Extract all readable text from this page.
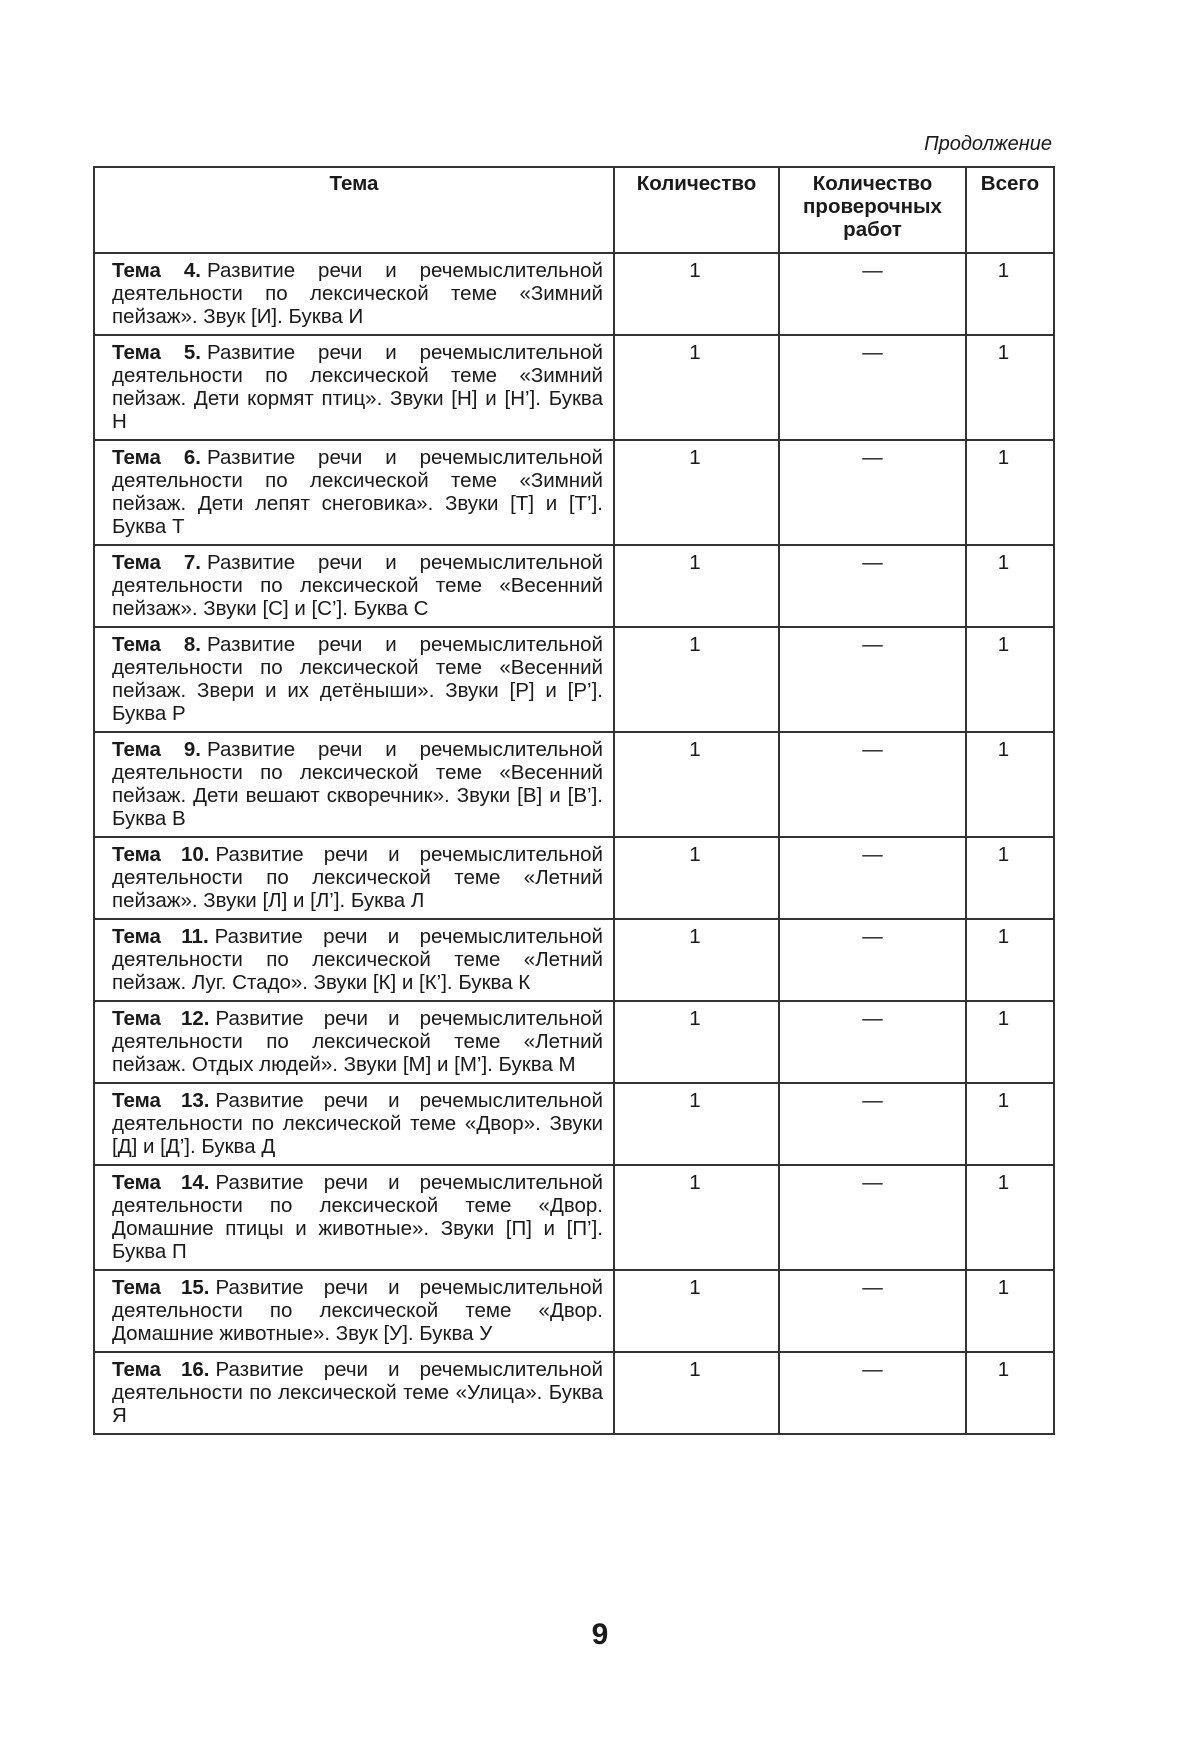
Продолжение
Тема	Количество	Количество проверочных работ	Всего
Тема 4. Развитие речи и речемыслительной деятельности по лексической теме «Зимний пейзаж». Звук [И]. Буква И	1	—	1
Тема 5. Развитие речи и речемыслительной деятельности по лексической теме «Зимний пейзаж. Дети кормят птиц». Звуки [Н] и [Н’]. Буква Н	1	—	1
Тема 6. Развитие речи и речемыслительной деятельности по лексической теме «Зимний пейзаж. Дети лепят снеговика». Звуки [Т] и [Т’]. Буква Т	1	—	1
Тема 7. Развитие речи и речемыслительной деятельности по лексической теме «Весенний пейзаж». Звуки [С] и [С’]. Буква С	1	—	1
Тема 8. Развитие речи и речемыслительной деятельности по лексической теме «Весенний пейзаж. Звери и их детёныши». Звуки [Р] и [Р’]. Буква Р	1	—	1
Тема 9. Развитие речи и речемыслительной деятельности по лексической теме «Весенний пейзаж. Дети вешают скворечник». Звуки [В] и [В’]. Буква В	1	—	1
Тема 10. Развитие речи и речемыслительной деятельности по лексической теме «Летний пейзаж». Звуки [Л] и [Л’]. Буква Л	1	—	1
Тема 11. Развитие речи и речемыслительной деятельности по лексической теме «Летний пейзаж. Луг. Стадо». Звуки [К] и [К’]. Буква К	1	—	1
Тема 12. Развитие речи и речемыслительной деятельности по лексической теме «Летний пейзаж. Отдых людей». Звуки [М] и [М’]. Буква М	1	—	1
Тема 13. Развитие речи и речемыслительной деятельности по лексической теме «Двор». Звуки [Д] и [Д’]. Буква Д	1	—	1
Тема 14. Развитие речи и речемыслительной деятельности по лексической теме «Двор. Домашние птицы и животные». Звуки [П] и [П’]. Буква П	1	—	1
Тема 15. Развитие речи и речемыслительной деятельности по лексической теме «Двор. Домашние животные». Звук [У]. Буква У	1	—	1
Тема 16. Развитие речи и речемыслительной деятельности по лексической теме «Улица». Буква Я	1	—	1
9
